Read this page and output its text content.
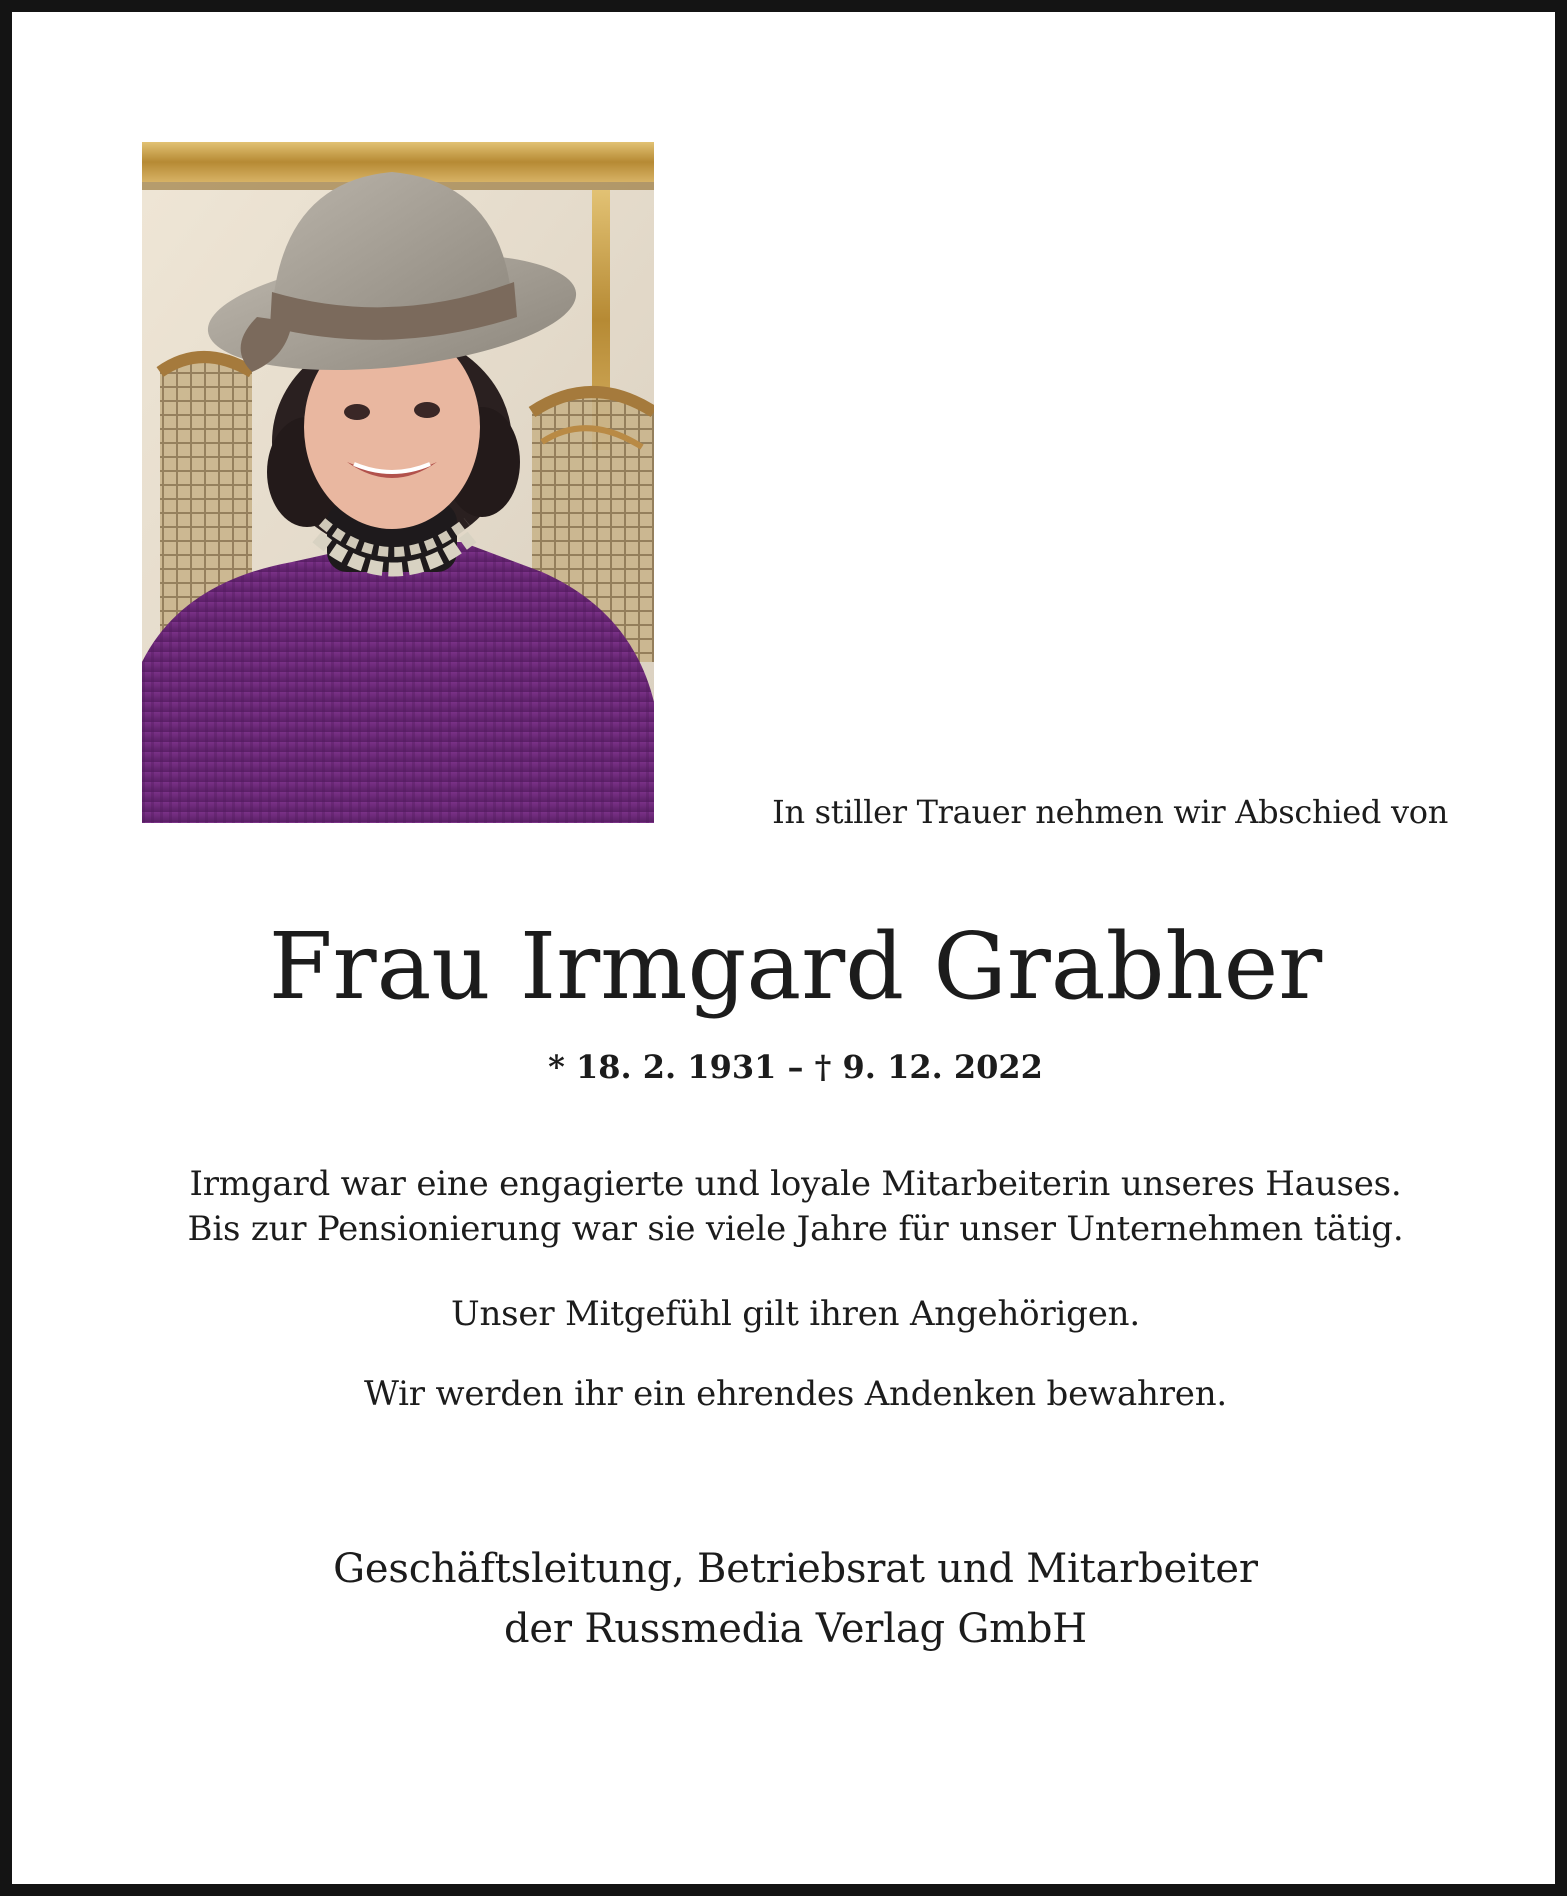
In stiller Trauer nehmen wir Abschied von
Frau Irmgard Grabher
* 18. 2. 1931 – † 9. 12. 2022
Irmgard war eine engagierte und loyale Mitarbeiterin unseres Hauses.
Bis zur Pensionierung war sie viele Jahre für unser Unternehmen tätig.
Unser Mitgefühl gilt ihren Angehörigen.
Wir werden ihr ein ehrendes Andenken bewahren.
Geschäftsleitung, Betriebsrat und Mitarbeiter
der Russmedia Verlag GmbH
